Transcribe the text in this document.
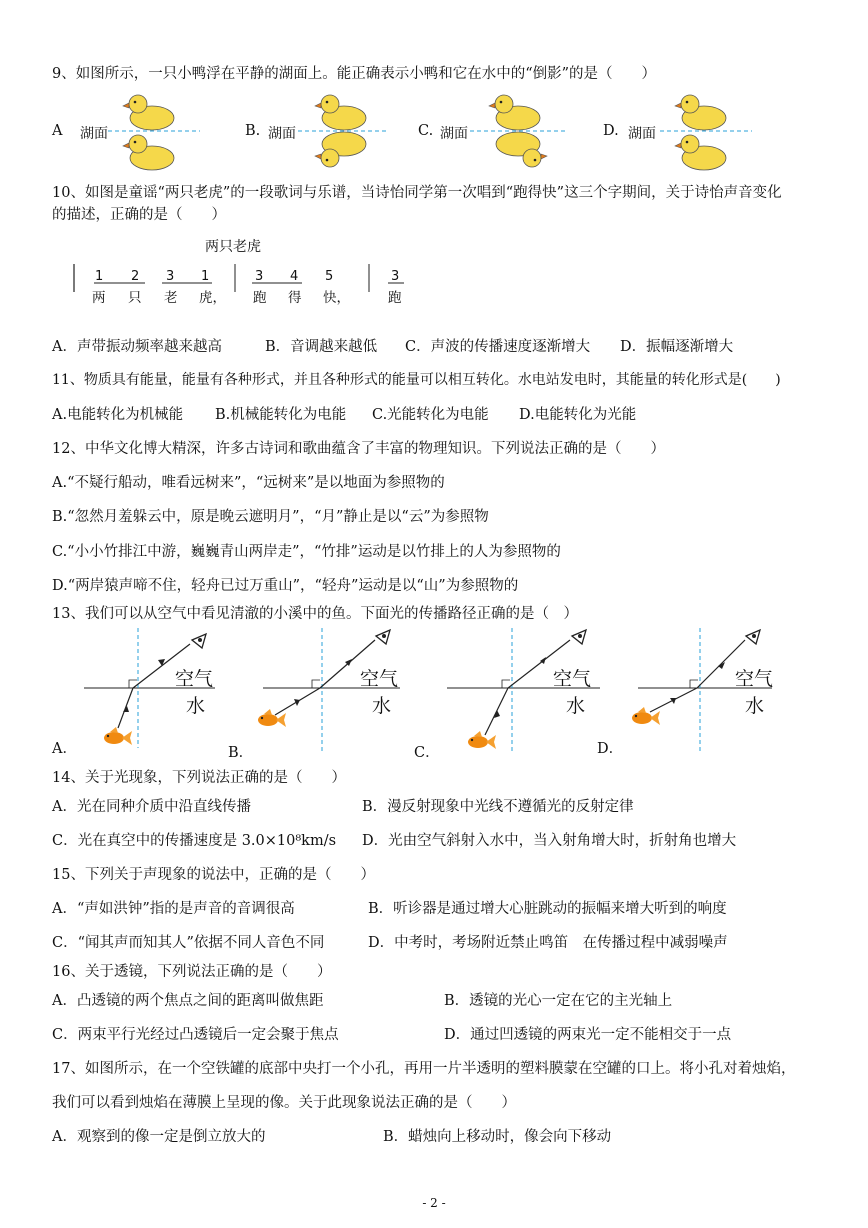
9、如图所示，一只小鸭浮在平静的湖面上。能正确表示小鸭和它在水中的“倒影”的是（　　）
A 湖面	B. 湖面	C. 湖面	D. 湖面
10、如图是童谣“两只老虎”的一段歌词与乐谱，当诗怡同学第一次唱到“跑得快”这三个字期间，关于诗怡声音变化
的描述，正确的是（　　）
两只老虎
1 2 3 1	3 4 5	3
两 只 老 虎， 跑 得 快，	跑
A．声带振动频率越来越高	B．音调越来越低 C．声波的传播速度逐渐增大 D．振幅逐渐增大
11、物质具有能量，能量有各种形式，并且各种形式的能量可以相互转化。水电站发电时，其能量的转化形式是(　　)
A.电能转化为机械能 B.机械能转化为电能 C.光能转化为电能 D.电能转化为光能
12、中华文化博大精深，许多古诗词和歌曲蕴含了丰富的物理知识。下列说法正确的是（　　）
A.“不疑行船动，唯看远树来”，“远树来”是以地面为参照物的
B.“忽然月羞躲云中，原是晚云遮明月”，“月”静止是以“云”为参照物
C.“小小竹排江中游，巍巍青山两岸走”，“竹排”运动是以竹排上的人为参照物的
D.“两岸猿声啼不住，轻舟已过万重山”，“轻舟”运动是以“山”为参照物的
13、我们可以从空气中看见清澈的小溪中的鱼。下面光的传播路径正确的是（　）
空气
水
空气
水
空气
水
空气
水
A．	B．	C．	D．
14、关于光现象，下列说法正确的是（　　）
A．光在同种介质中沿直线传播	B．漫反射现象中光线不遵循光的反射定律
C．光在真空中的传播速度是 3.0×10⁸km/s D．光由空气斜射入水中，当入射角增大时，折射角也增大
15、下列关于声现象的说法中，正确的是（　　）
A．“声如洪钟”指的是声音的音调很高	B．听诊器是通过增大心脏跳动的振幅来增大听到的响度
C．“闻其声而知其人”依据不同人音色不同	D．中考时，考场附近禁止鸣笛　在传播过程中减弱噪声
16、关于透镜，下列说法正确的是（　　）
A．凸透镜的两个焦点之间的距离叫做焦距	B．透镜的光心一定在它的主光轴上
C．两束平行光经过凸透镜后一定会聚于焦点	D．通过凹透镜的两束光一定不能相交于一点
17、如图所示，在一个空铁罐的底部中央打一个小孔，再用一片半透明的塑料膜蒙在空罐的口上。将小孔对着烛焰，
我们可以看到烛焰在薄膜上呈现的像。关于此现象说法正确的是（　　）
A．观察到的像一定是倒立放大的	B．蜡烛向上移动时，像会向下移动
- 2 -
